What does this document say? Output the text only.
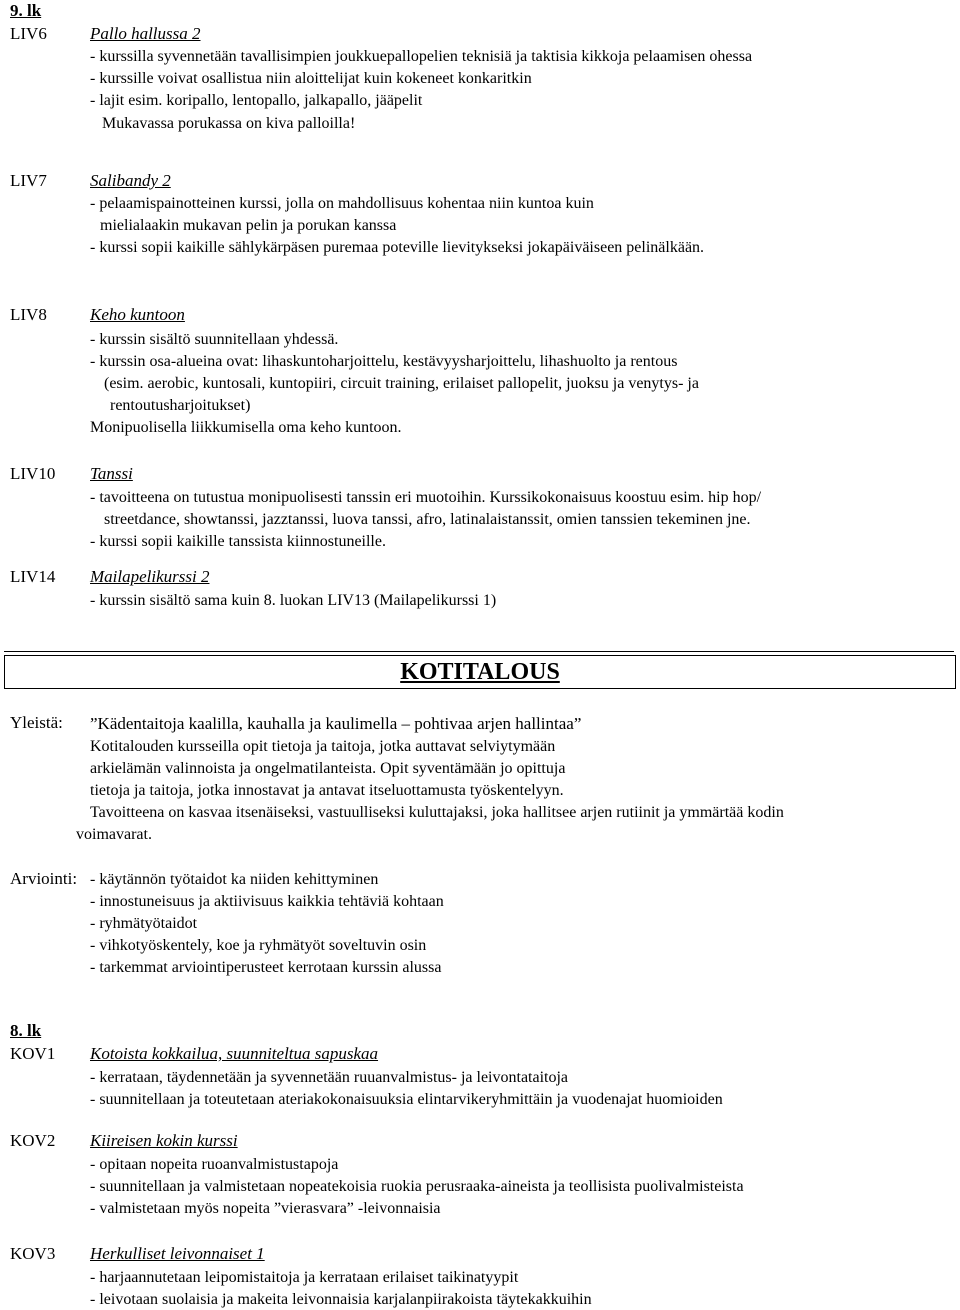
9. lk
LIV6	Pallo hallussa 2
- kurssilla syvennetään tavallisimpien joukkuepallopelien teknisiä ja taktisia kikkoja pelaamisen ohessa
- kurssille voivat osallistua niin aloittelijat kuin kokeneet konkaritkin
- lajit esim. koripallo, lentopallo, jalkapallo, jääpelit
Mukavassa porukassa on kiva palloilla!
LIV7	Salibandy 2
- pelaamispainotteinen kurssi, jolla on mahdollisuus kohentaa niin kuntoa kuin
mielialaakin mukavan pelin ja porukan kanssa
- kurssi sopii kaikille sählykärpäsen puremaa poteville lievitykseksi jokapäiväiseen pelinälkään.
LIV8	Keho kuntoon
- kurssin sisältö suunnitellaan yhdessä.
- kurssin osa-alueina ovat: lihaskuntoharjoittelu, kestävyysharjoittelu, lihashuolto ja rentous
(esim. aerobic, kuntosali, kuntopiiri, circuit training, erilaiset pallopelit, juoksu ja venytys- ja
rentoutusharjoitukset)
Monipuolisella liikkumisella oma keho kuntoon.
LIV10 Tanssi
- tavoitteena on tutustua monipuolisesti tanssin eri muotoihin. Kurssikokonaisuus koostuu esim. hip hop/
streetdance, showtanssi, jazztanssi, luova tanssi, afro, latinalaistanssit, omien tanssien tekeminen jne.
- kurssi sopii kaikille tanssista kiinnostuneille.
LIV14 Mailapelikurssi 2
- kurssin sisältö sama kuin 8. luokan LIV13 (Mailapelikurssi 1)
KOTITALOUS
Yleistä: ”Kädentaitoja kaalilla, kauhalla ja kaulimella – pohtivaa arjen hallintaa”
Kotitalouden kursseilla opit tietoja ja taitoja, jotka auttavat selviytymään
arkielämän valinnoista ja ongelmatilanteista. Opit syventämään jo opittuja
tietoja ja taitoja, jotka innostavat ja antavat itseluottamusta työskentelyyn.
Tavoitteena on kasvaa itsenäiseksi, vastuulliseksi kuluttajaksi, joka hallitsee arjen rutiinit ja ymmärtää kodin
voimavarat.
Arviointi: - käytännön työtaidot ka niiden kehittyminen
- innostuneisuus ja aktiivisuus kaikkia tehtäviä kohtaan
- ryhmätyötaidot
- vihkotyöskentely, koe ja ryhmätyöt soveltuvin osin
- tarkemmat arviointiperusteet kerrotaan kurssin alussa
8. lk
KOV1 Kotoista kokkailua, suunniteltua sapuskaa
- kerrataan, täydennetään ja syvennetään ruuanvalmistus- ja leivontataitoja
- suunnitellaan ja toteutetaan ateriakokonaisuuksia elintarvikeryhmittäin ja vuodenajat huomioiden
KOV2 Kiireisen kokin kurssi
- opitaan nopeita ruoanvalmistustapoja
- suunnitellaan ja valmistetaan nopeatekoisia ruokia perusraaka-aineista ja teollisista puolivalmisteista
- valmistetaan myös nopeita ”vierasvara” -leivonnaisia
KOV3 Herkulliset leivonnaiset 1
- harjaannutetaan leipomistaitoja ja kerrataan erilaiset taikinatyypit
- leivotaan suolaisia ja makeita leivonnaisia karjalanpiirakoista täytekakkuihin
